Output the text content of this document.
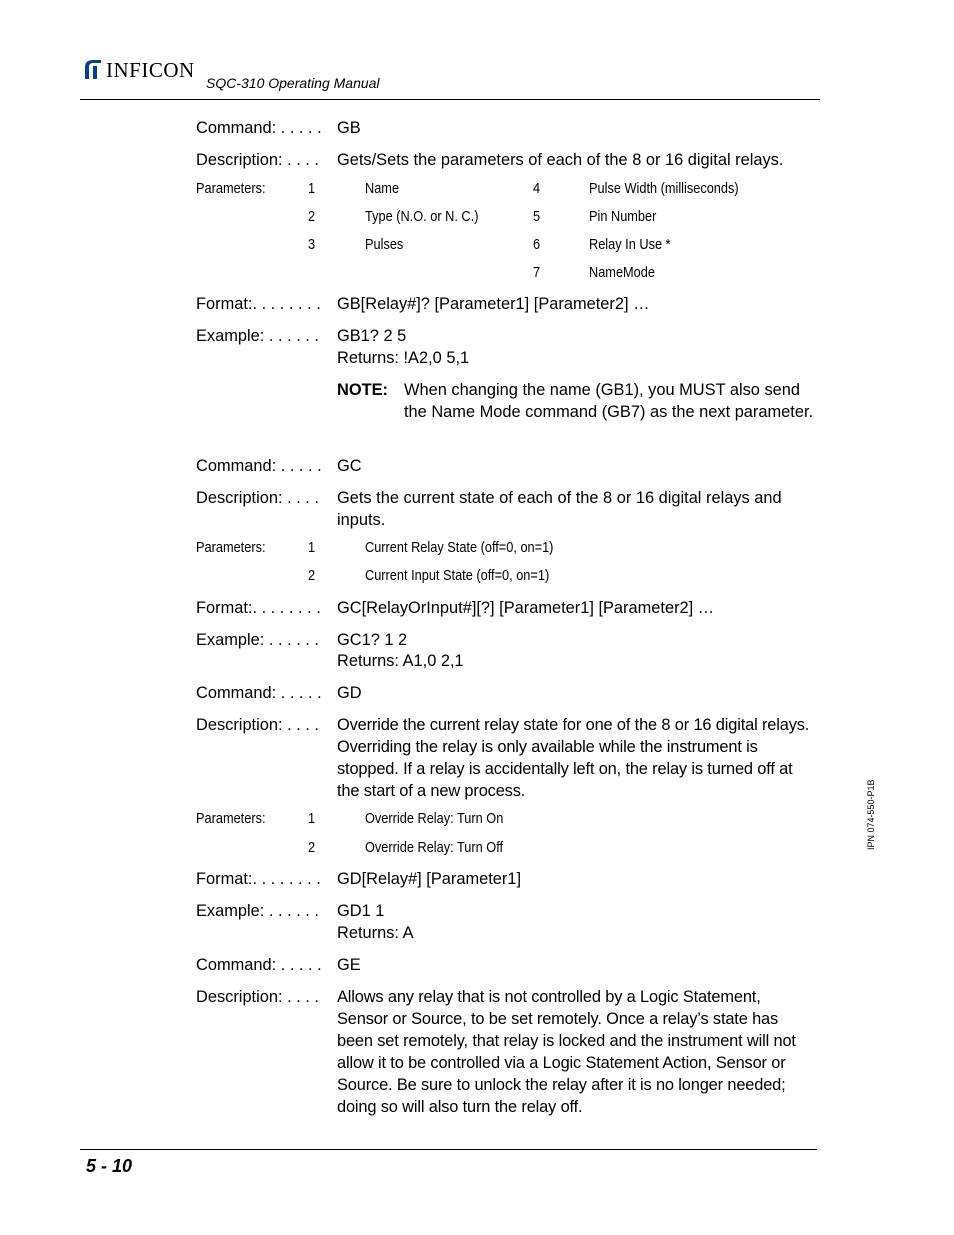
INFICON
SQC-310 Operating Manual
Command: . . . . . GB
Description: . . . . Gets/Sets the parameters of each of the 8 or 16 digital relays.
Parameters:	1	Name	4	Pulse Width (milliseconds)
2	Type (N.O. or N. C.)	5	Pin Number
3	Pulses	6	Relay In Use *
7	NameMode
Format:. . . . . . . . GB[Relay#]? [Parameter1] [Parameter2] …
Example: . . . . . . GB1? 2 5
Returns: !A2,0 5,1
NOTE: When changing the name (GB1), you MUST also send the Name Mode command (GB7) as the next parameter.
Command: . . . . . GC
Description: . . . . Gets the current state of each of the 8 or 16 digital relays and inputs.
Parameters:	1	Current Relay State (off=0, on=1)
2	Current Input State (off=0, on=1)
Format:. . . . . . . . GC[RelayOrInput#][?] [Parameter1] [Parameter2] …
Example: . . . . . . GC1? 1 2
Returns: A1,0 2,1
Command: . . . . . GD
Description: . . . . Override the current relay state for one of the 8 or 16 digital relays. Overriding the relay is only available while the instrument is stopped. If a relay is accidentally left on, the relay is turned off at the start of a new process.
Parameters:	1	Override Relay: Turn On
2	Override Relay: Turn Off
Format:. . . . . . . . GD[Relay#] [Parameter1]
Example: . . . . . . GD1 1
Returns: A
Command: . . . . . GE
Description: . . . . Allows any relay that is not controlled by a Logic Statement, Sensor or Source, to be set remotely. Once a relay’s state has been set remotely, that relay is locked and the instrument will not allow it to be controlled via a Logic Statement Action, Sensor or Source. Be sure to unlock the relay after it is no longer needed; doing so will also turn the relay off.
IPN 074-550-P1B
5 - 10
